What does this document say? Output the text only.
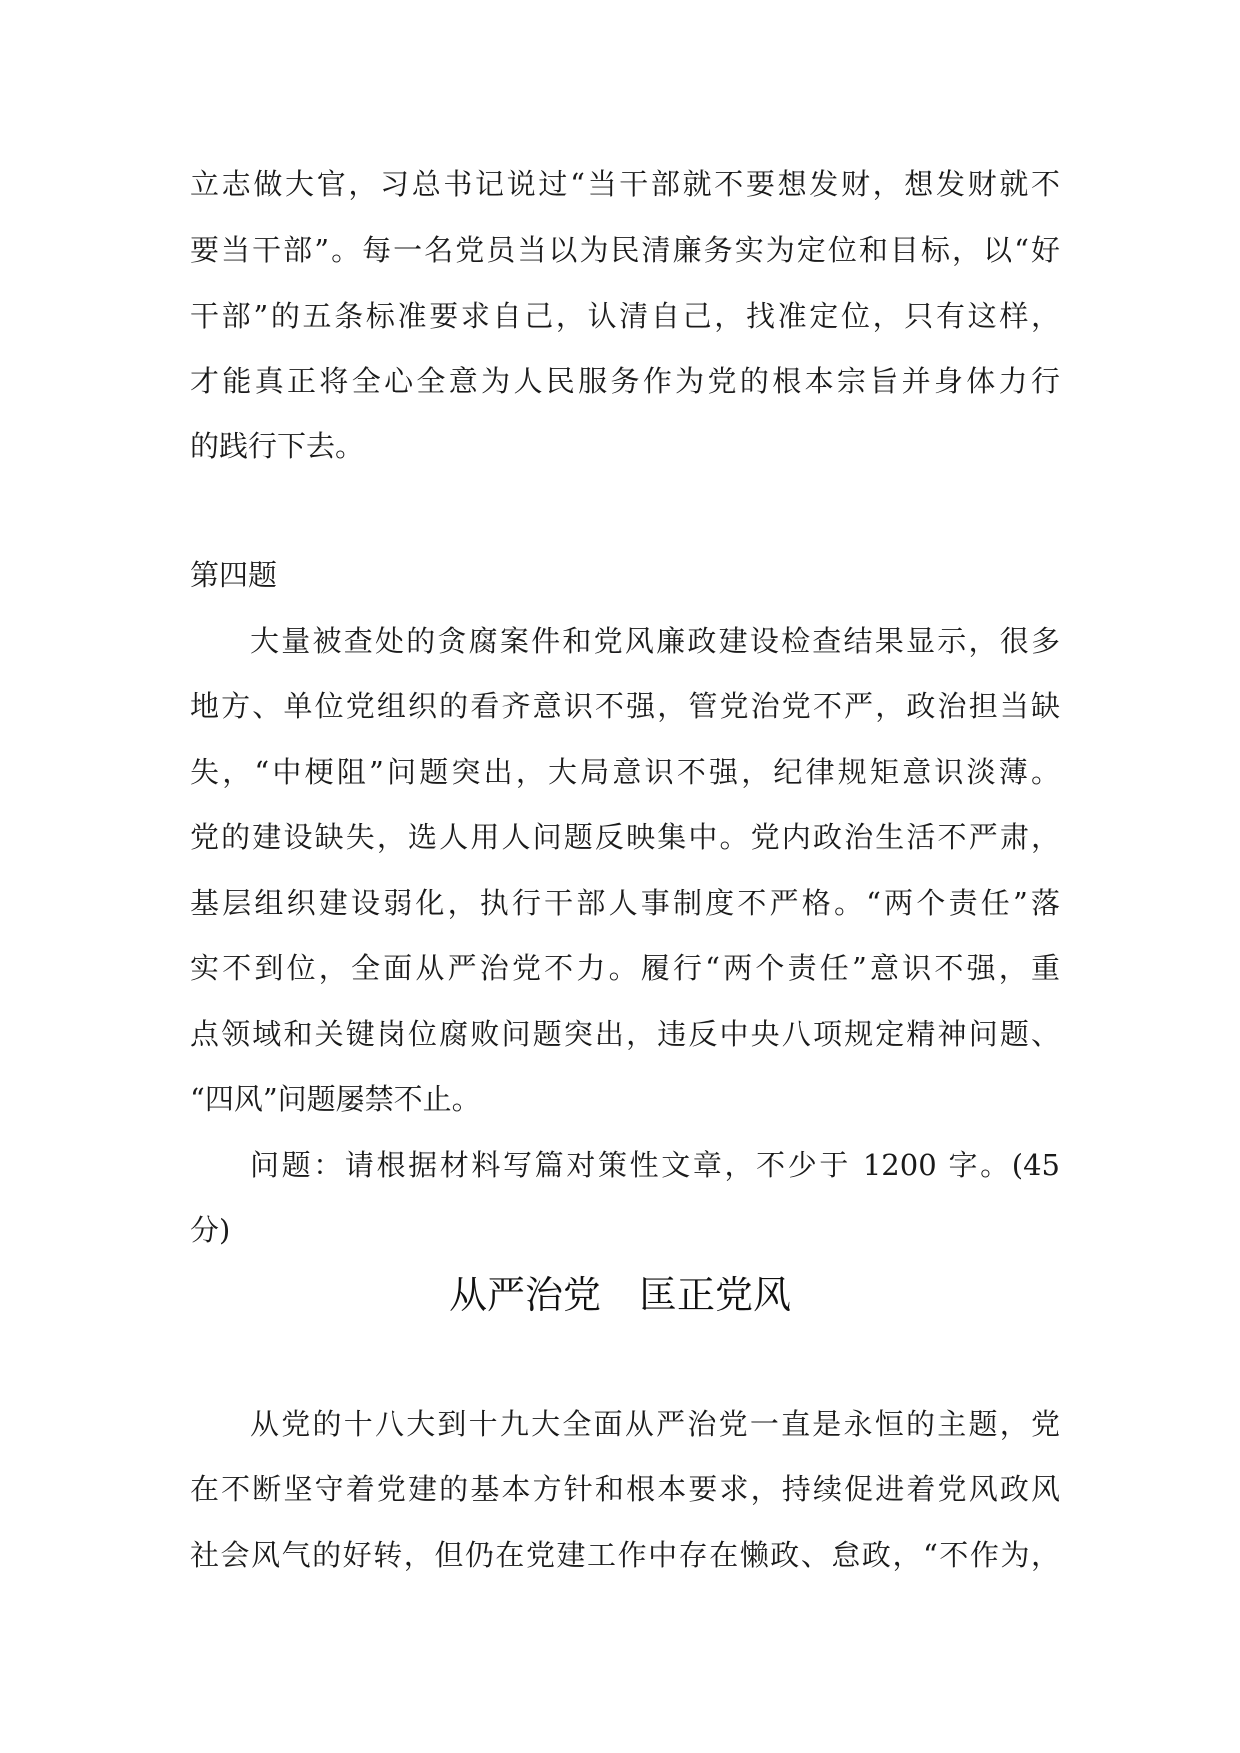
立志做大官，习总书记说过“当干部就不要想发财，想发财就不
要当干部”。每一名党员当以为民清廉务实为定位和目标，以“好
干部”的五条标准要求自己，认清自己，找准定位，只有这样，
才能真正将全心全意为人民服务作为党的根本宗旨并身体力行
的践行下去。
第四题
大量被查处的贪腐案件和党风廉政建设检查结果显示，很多
地方、单位党组织的看齐意识不强，管党治党不严，政治担当缺
失，“中梗阻”问题突出，大局意识不强，纪律规矩意识淡薄。
党的建设缺失，选人用人问题反映集中。党内政治生活不严肃，
基层组织建设弱化，执行干部人事制度不严格。“两个责任”落
实不到位，全面从严治党不力。履行“两个责任”意识不强，重
点领域和关键岗位腐败问题突出，违反中央八项规定精神问题、
“四风”问题屡禁不止。
问题：请根据材料写篇对策性文章，不少于 1200 字。(45
分)
从严治党　匡正党风
从党的十八大到十九大全面从严治党一直是永恒的主题，党
在不断坚守着党建的基本方针和根本要求，持续促进着党风政风
社会风气的好转，但仍在党建工作中存在懒政、怠政，“不作为，
